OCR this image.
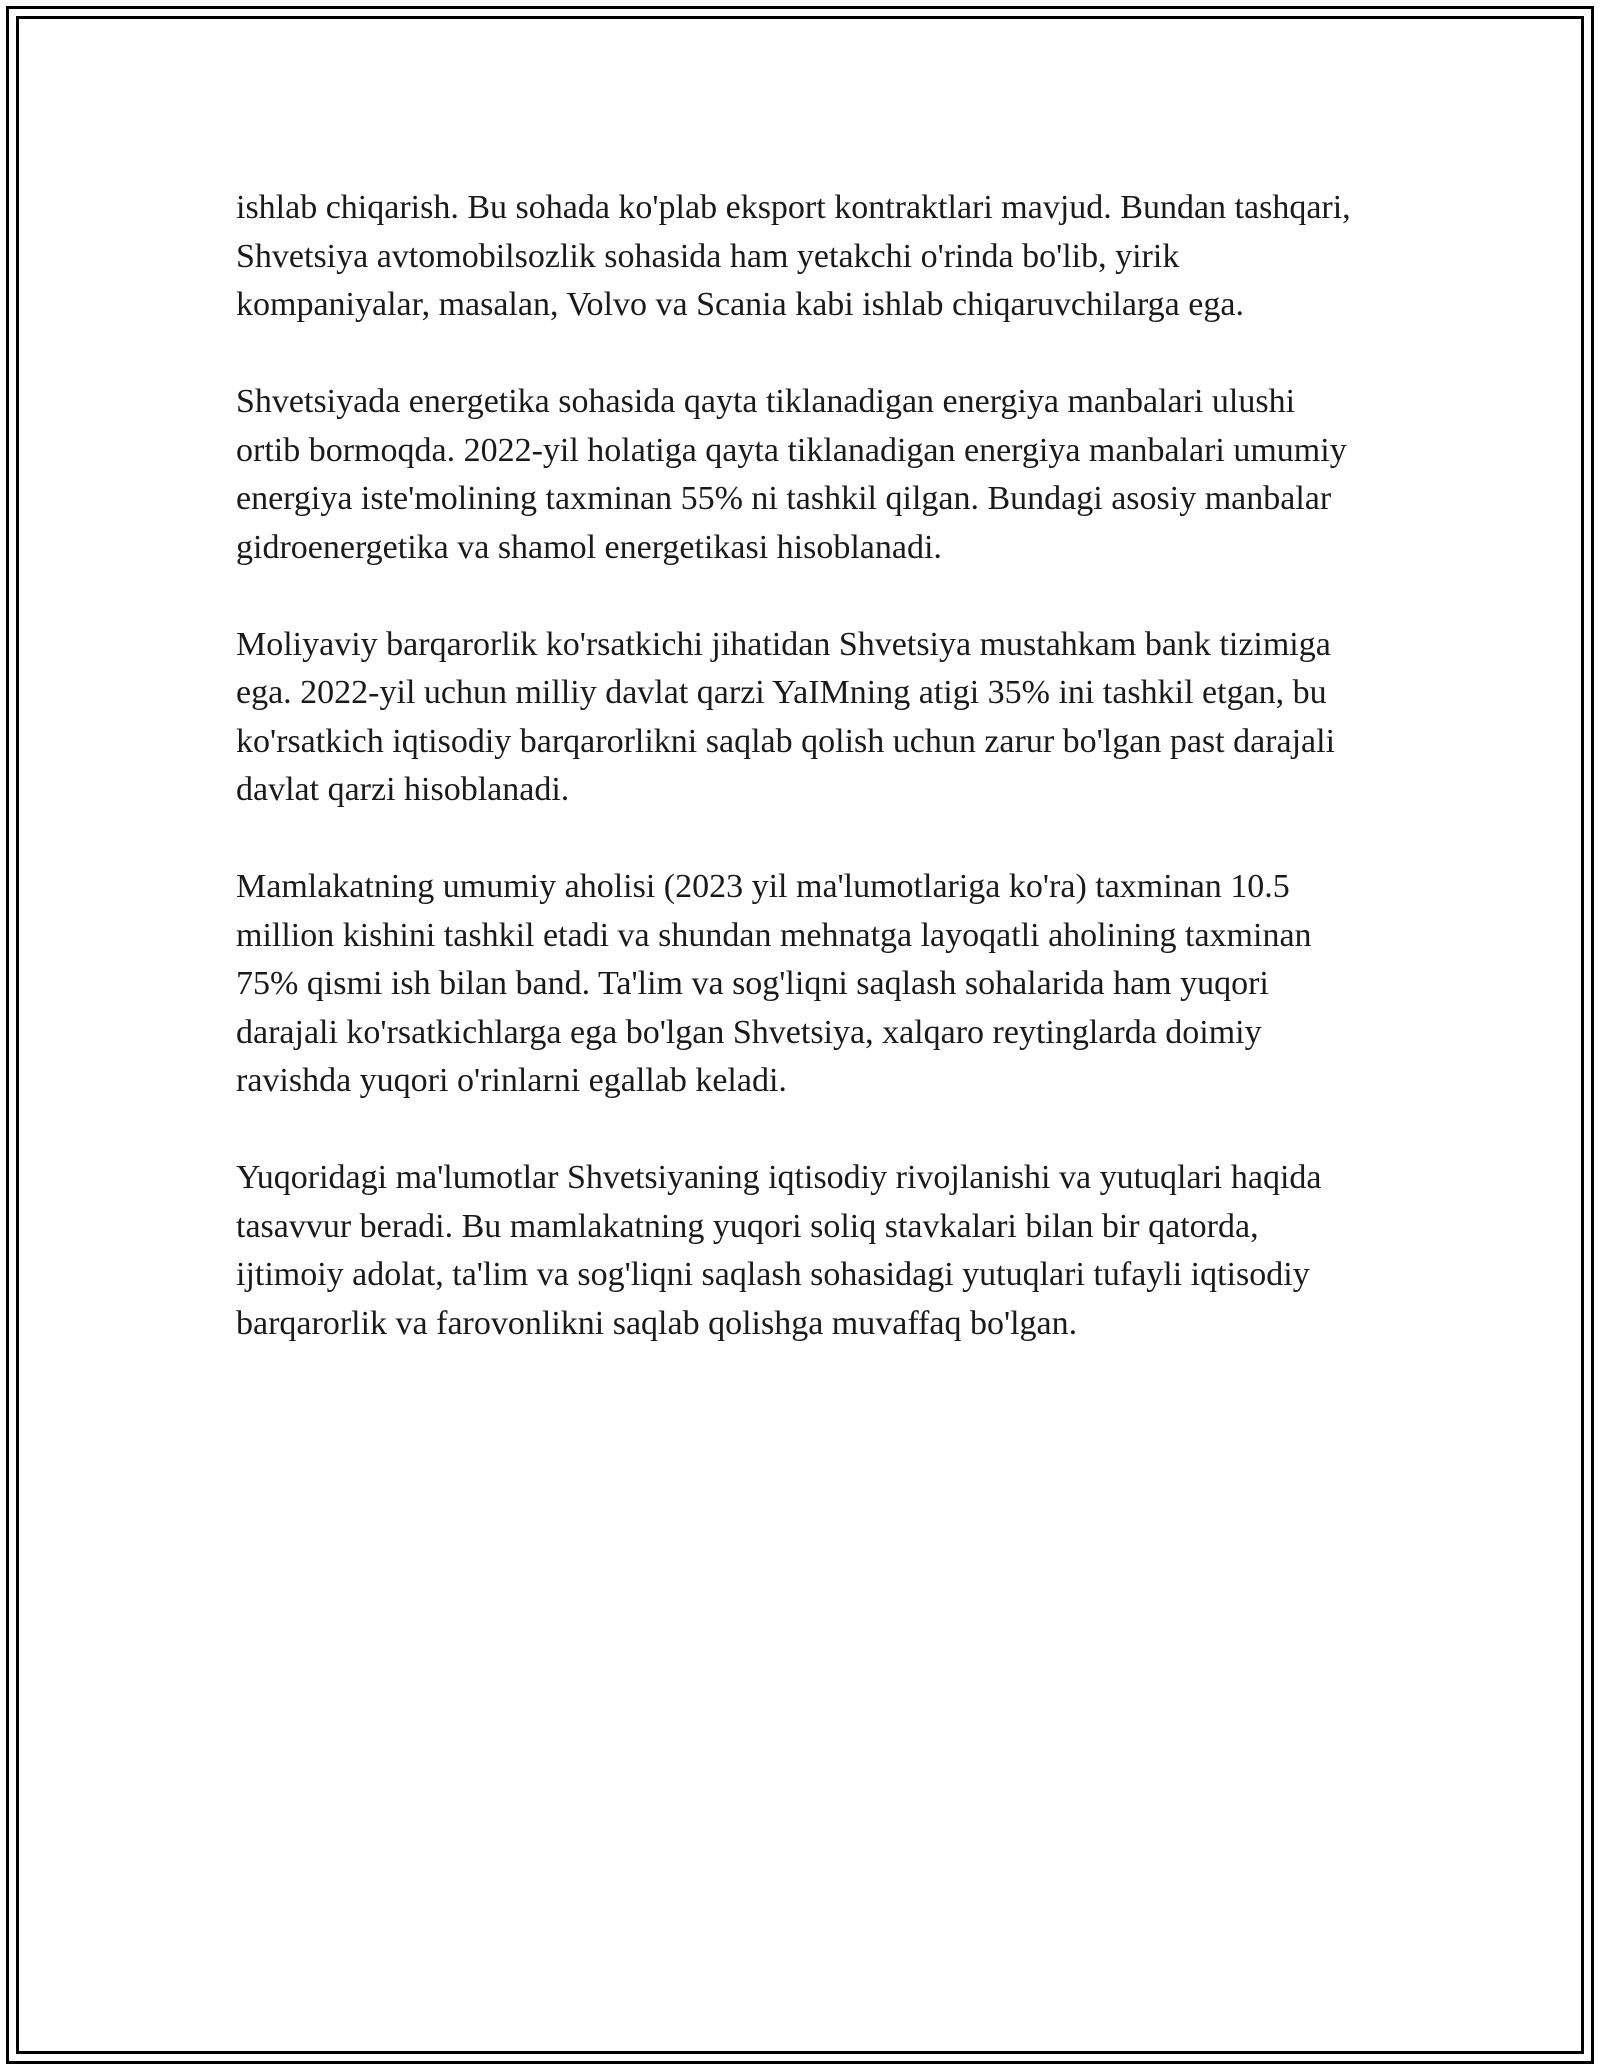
ishlab chiqarish. Bu sohada ko'plab eksport kontraktlari mavjud. Bundan tashqari, Shvetsiya avtomobilsozlik sohasida ham yetakchi o'rinda bo'lib, yirik kompaniyalar, masalan, Volvo va Scania kabi ishlab chiqaruvchilarga ega.

Shvetsiyada energetika sohasida qayta tiklanadigan energiya manbalari ulushi ortib bormoqda. 2022-yil holatiga qayta tiklanadigan energiya manbalari umumiy energiya iste'molining taxminan 55% ni tashkil qilgan. Bundagi asosiy manbalar gidroenergetika va shamol energetikasi hisoblanadi.

Moliyaviy barqarorlik ko'rsatkichi jihatidan Shvetsiya mustahkam bank tizimiga ega. 2022-yil uchun milliy davlat qarzi YaIMning atigi 35% ini tashkil etgan, bu ko'rsatkich iqtisodiy barqarorlikni saqlab qolish uchun zarur bo'lgan past darajali davlat qarzi hisoblanadi.

Mamlakatning umumiy aholisi (2023 yil ma'lumotlariga ko'ra) taxminan 10.5 million kishini tashkil etadi va shundan mehnatga layoqatli aholining taxminan 75% qismi ish bilan band. Ta'lim va sog'liqni saqlash sohalarida ham yuqori darajali ko'rsatkichlarga ega bo'lgan Shvetsiya, xalqaro reytinglarda doimiy ravishda yuqori o'rinlarni egallab keladi.

Yuqoridagi ma'lumotlar Shvetsiyaning iqtisodiy rivojlanishi va yutuqlari haqida tasavvur beradi. Bu mamlakatning yuqori soliq stavkalari bilan bir qatorda, ijtimoiy adolat, ta'lim va sog'liqni saqlash sohasidagi yutuqlari tufayli iqtisodiy barqarorlik va farovonlikni saqlab qolishga muvaffaq bo'lgan.
